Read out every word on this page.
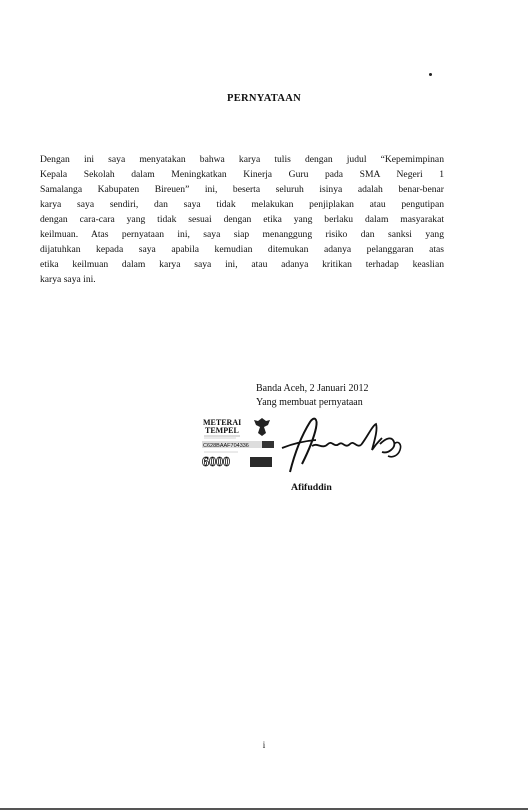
PERNYATAAN
Dengan ini saya menyatakan bahwa karya tulis dengan judul “Kepemimpinan
Kepala Sekolah dalam Meningkatkan Kinerja Guru pada SMA Negeri 1
Samalanga Kabupaten Bireuen” ini, beserta seluruh isinya adalah benar-benar
karya saya sendiri, dan saya tidak melakukan penjiplakan atau pengutipan
dengan cara-cara yang tidak sesuai dengan etika yang berlaku dalam masyarakat
keilmuan. Atas pernyataan ini, saya siap menanggung risiko dan sanksi yang
dijatuhkan kepada saya apabila kemudian ditemukan adanya pelanggaran atas
etika keilmuan dalam karya saya ini, atau adanya kritikan terhadap keaslian
karya saya ini.
Banda Aceh, 2 Januari 2012
Yang membuat pernyataan
METERAI
TEMPEL
C628BAAF704336
6000
Afifuddin
i
